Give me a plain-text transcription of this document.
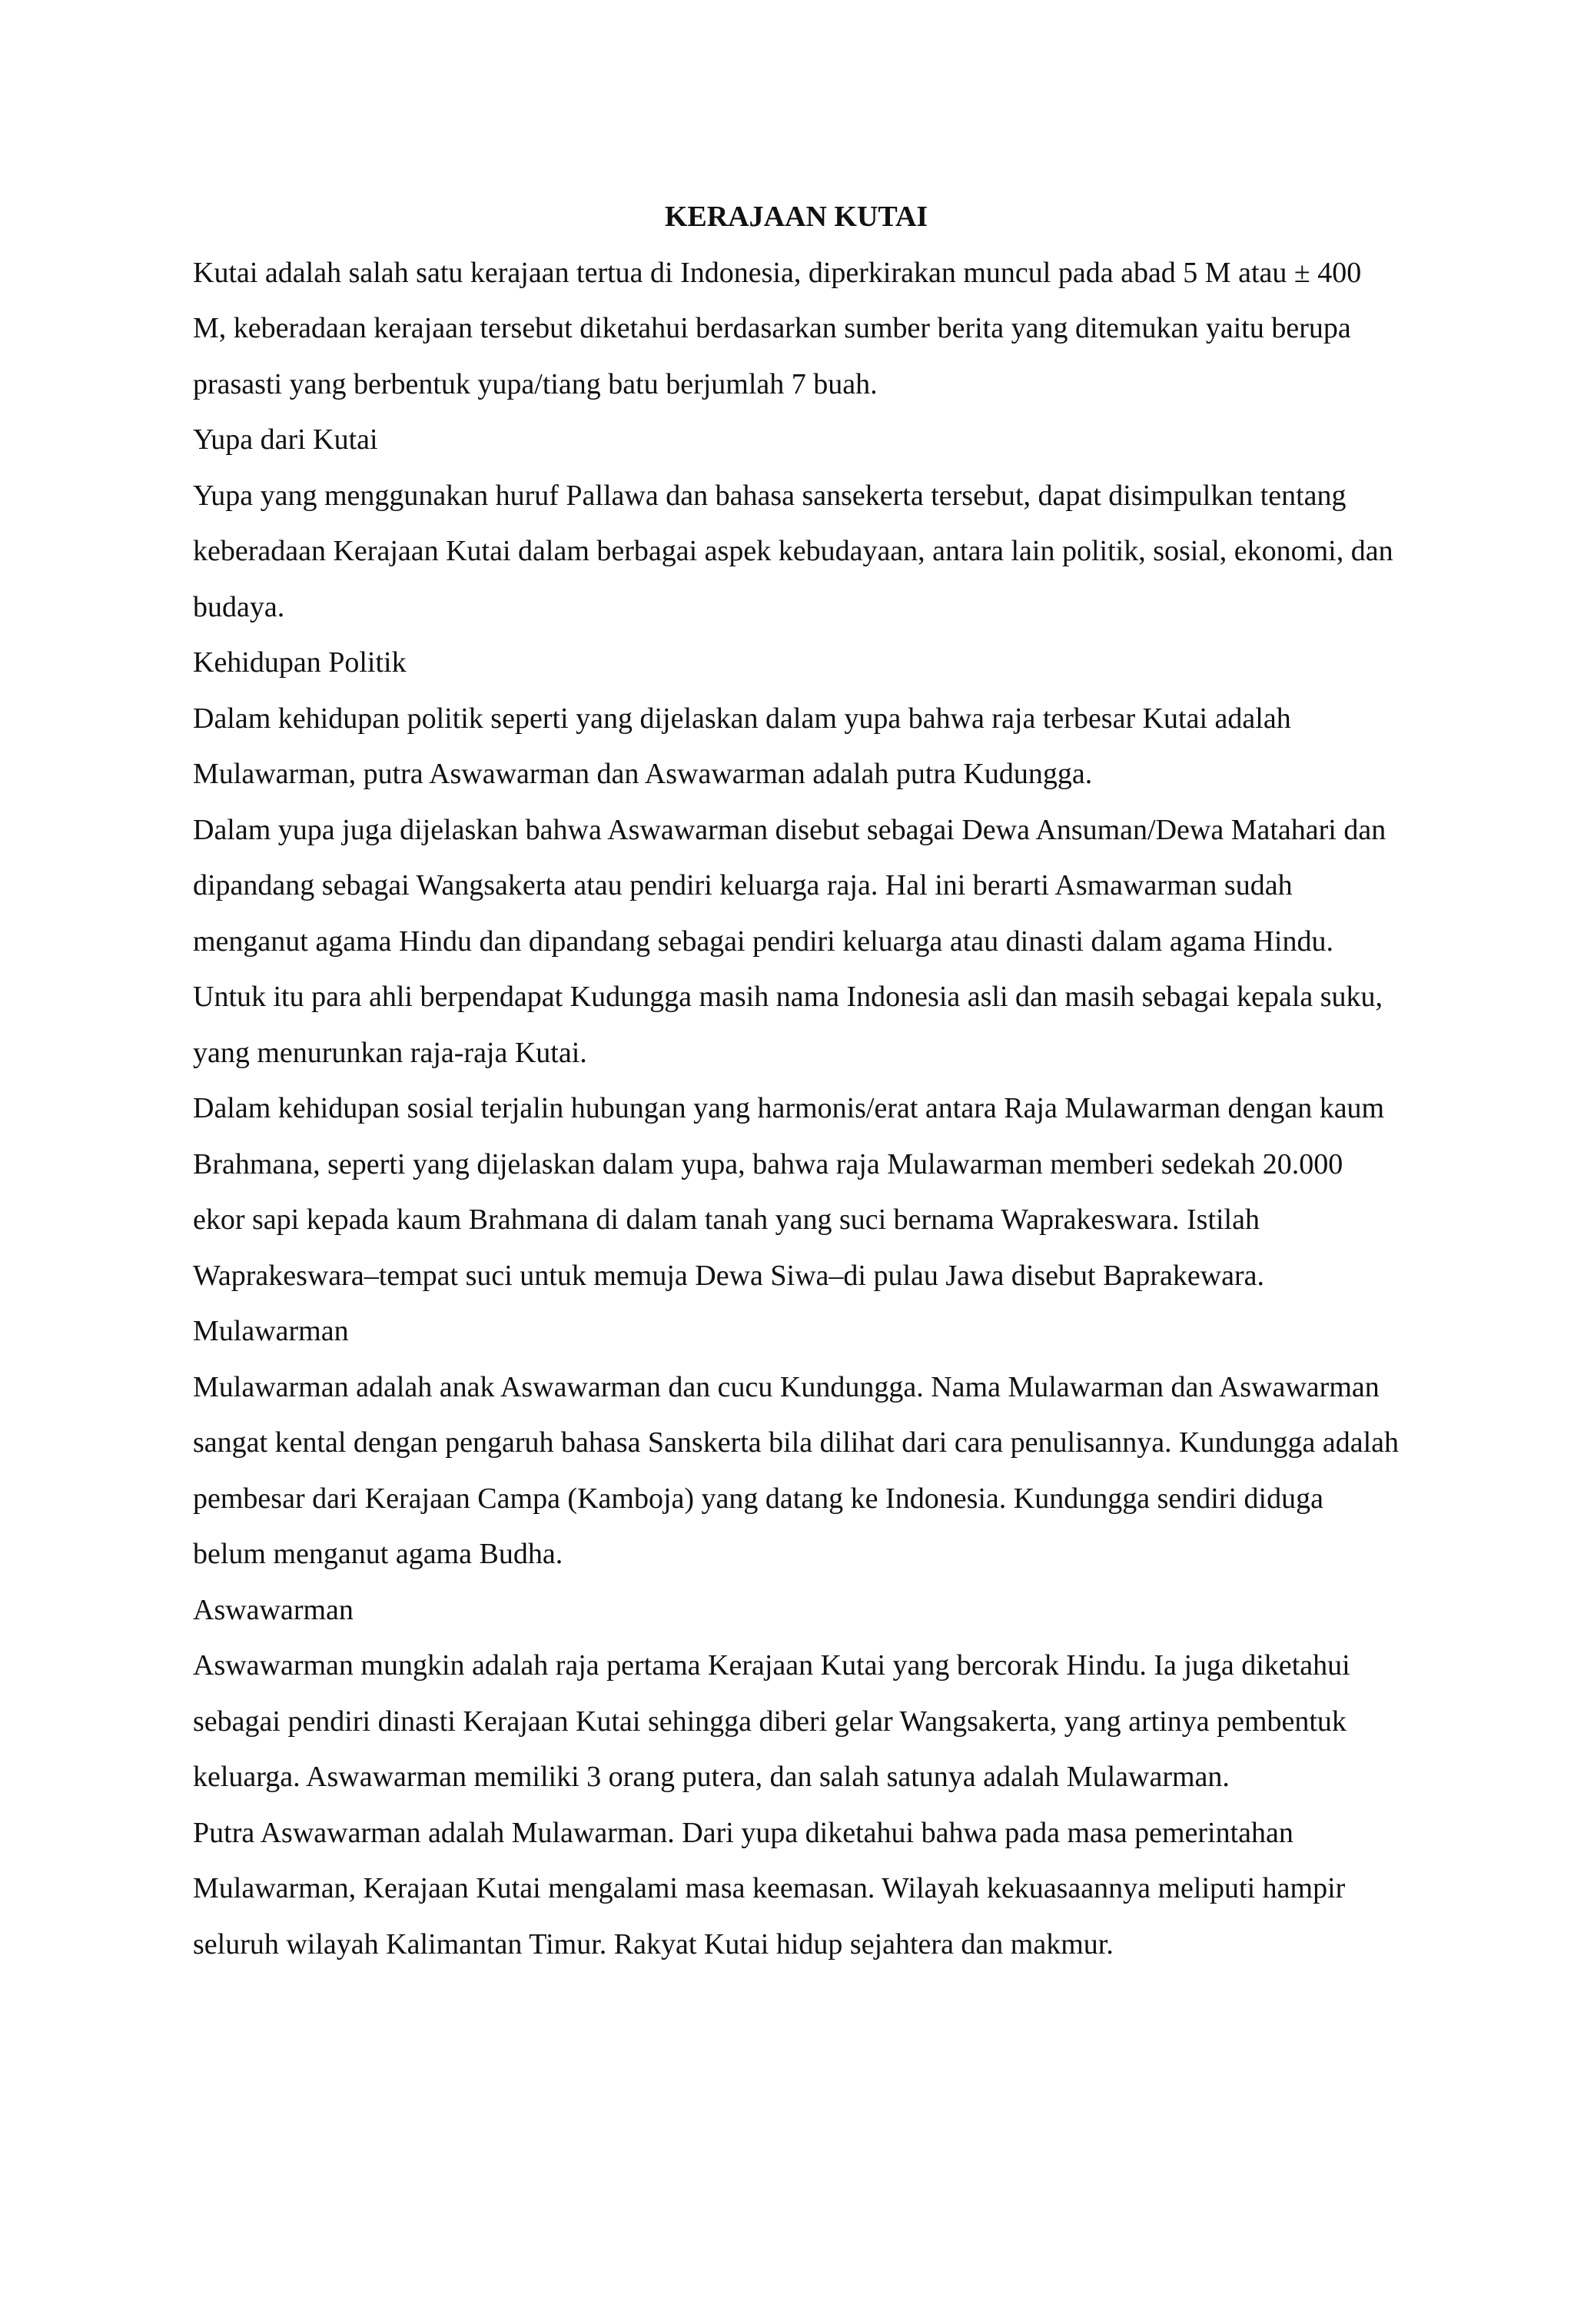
KERAJAAN KUTAI

Kutai adalah salah satu kerajaan tertua di Indonesia, diperkirakan muncul pada abad 5 M atau ± 400 M, keberadaan kerajaan tersebut diketahui berdasarkan sumber berita yang ditemukan yaitu berupa prasasti yang berbentuk yupa/tiang batu berjumlah 7 buah.

Yupa dari Kutai

Yupa yang menggunakan huruf Pallawa dan bahasa sansekerta tersebut, dapat disimpulkan tentang keberadaan Kerajaan Kutai dalam berbagai aspek kebudayaan, antara lain politik, sosial, ekonomi, dan budaya.

Kehidupan Politik

Dalam kehidupan politik seperti yang dijelaskan dalam yupa bahwa raja terbesar Kutai adalah Mulawarman, putra Aswawarman dan Aswawarman adalah putra Kudungga.

Dalam yupa juga dijelaskan bahwa Aswawarman disebut sebagai Dewa Ansuman/Dewa Matahari dan dipandang sebagai Wangsakerta atau pendiri keluarga raja. Hal ini berarti Asmawarman sudah menganut agama Hindu dan dipandang sebagai pendiri keluarga atau dinasti dalam agama Hindu. Untuk itu para ahli berpendapat Kudungga masih nama Indonesia asli dan masih sebagai kepala suku, yang menurunkan raja-raja Kutai.

Dalam kehidupan sosial terjalin hubungan yang harmonis/erat antara Raja Mulawarman dengan kaum Brahmana, seperti yang dijelaskan dalam yupa, bahwa raja Mulawarman memberi sedekah 20.000 ekor sapi kepada kaum Brahmana di dalam tanah yang suci bernama Waprakeswara. Istilah Waprakeswara–tempat suci untuk memuja Dewa Siwa–di pulau Jawa disebut Baprakewara.

Mulawarman

Mulawarman adalah anak Aswawarman dan cucu Kundungga. Nama Mulawarman dan Aswawarman sangat kental dengan pengaruh bahasa Sanskerta bila dilihat dari cara penulisannya. Kundungga adalah pembesar dari Kerajaan Campa (Kamboja) yang datang ke Indonesia. Kundungga sendiri diduga belum menganut agama Budha.

Aswawarman

Aswawarman mungkin adalah raja pertama Kerajaan Kutai yang bercorak Hindu. Ia juga diketahui sebagai pendiri dinasti Kerajaan Kutai sehingga diberi gelar Wangsakerta, yang artinya pembentuk keluarga. Aswawarman memiliki 3 orang putera, dan salah satunya adalah Mulawarman.

Putra Aswawarman adalah Mulawarman. Dari yupa diketahui bahwa pada masa pemerintahan Mulawarman, Kerajaan Kutai mengalami masa keemasan. Wilayah kekuasaannya meliputi hampir seluruh wilayah Kalimantan Timur. Rakyat Kutai hidup sejahtera dan makmur.
